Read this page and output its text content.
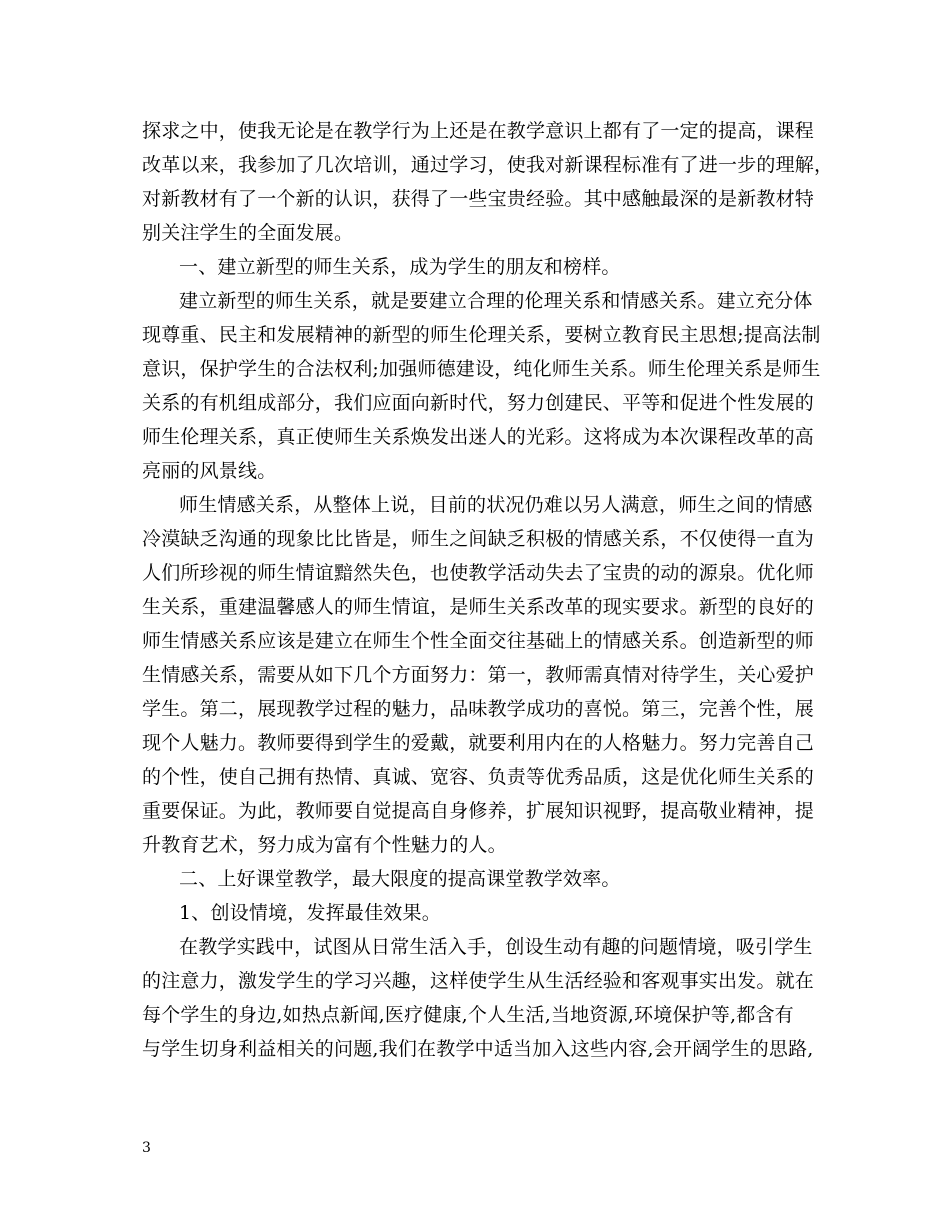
探求之中，使我无论是在教学行为上还是在教学意识上都有了一定的提高，课程
改革以来，我参加了几次培训，通过学习，使我对新课程标准有了进一步的理解，
对新教材有了一个新的认识，获得了一些宝贵经验。其中感触最深的是新教材特
别关注学生的全面发展。
一、建立新型的师生关系，成为学生的朋友和榜样。
建立新型的师生关系，就是要建立合理的伦理关系和情感关系。建立充分体
现尊重、民主和发展精神的新型的师生伦理关系，要树立教育民主思想;提高法制
意识，保护学生的合法权利;加强师德建设，纯化师生关系。师生伦理关系是师生
关系的有机组成部分，我们应面向新时代，努力创建民、平等和促进个性发展的
师生伦理关系，真正使师生关系焕发出迷人的光彩。这将成为本次课程改革的高
亮丽的风景线。
师生情感关系，从整体上说，目前的状况仍难以另人满意，师生之间的情感
冷漠缺乏沟通的现象比比皆是，师生之间缺乏积极的情感关系，不仅使得一直为
人们所珍视的师生情谊黯然失色，也使教学活动失去了宝贵的动的源泉。优化师
生关系，重建温馨感人的师生情谊，是师生关系改革的现实要求。新型的良好的
师生情感关系应该是建立在师生个性全面交往基础上的情感关系。创造新型的师
生情感关系，需要从如下几个方面努力：第一，教师需真情对待学生，关心爱护
学生。第二，展现教学过程的魅力，品味教学成功的喜悦。第三，完善个性，展
现个人魅力。教师要得到学生的爱戴，就要利用内在的人格魅力。努力完善自己
的个性，使自己拥有热情、真诚、宽容、负责等优秀品质，这是优化师生关系的
重要保证。为此，教师要自觉提高自身修养，扩展知识视野，提高敬业精神，提
升教育艺术，努力成为富有个性魅力的人。
二、上好课堂教学，最大限度的提高课堂教学效率。
1、创设情境，发挥最佳效果。
在教学实践中，试图从日常生活入手，创设生动有趣的问题情境，吸引学生
的注意力，激发学生的学习兴趣，这样使学生从生活经验和客观事实出发。就在
每个学生的身边,如热点新闻,医疗健康,个人生活,当地资源,环境保护等,都含有
与学生切身利益相关的问题,我们在教学中适当加入这些内容,会开阔学生的思路,
3
